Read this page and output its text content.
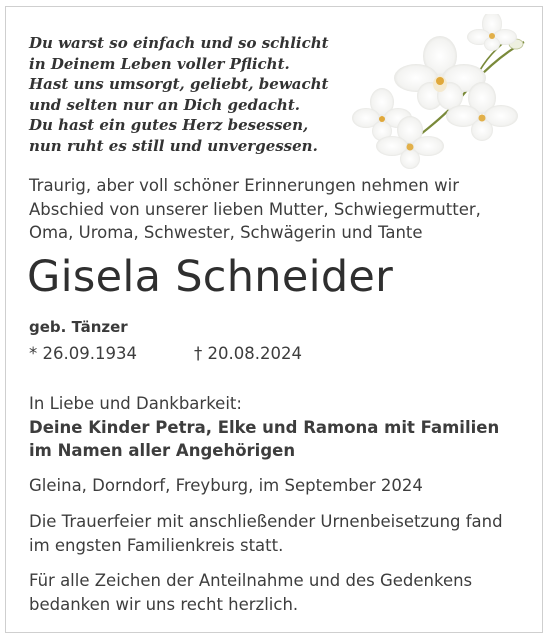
Du warst so einfach und so schlicht
in Deinem Leben voller Pflicht.
Hast uns umsorgt, geliebt, bewacht
und selten nur an Dich gedacht.
Du hast ein gutes Herz besessen,
nun ruht es still und unvergessen.
Traurig, aber voll schöner Erinnerungen nehmen wir
Abschied von unserer lieben Mutter, Schwiegermutter,
Oma, Uroma, Schwester, Schwägerin und Tante
Gisela Schneider
geb. Tänzer
* 26.09.1934	† 20.08.2024
In Liebe und Dankbarkeit:
Deine Kinder Petra, Elke und Ramona mit Familien
im Namen aller Angehörigen
Gleina, Dorndorf, Freyburg, im September 2024
Die Trauerfeier mit anschließender Urnenbeisetzung fand
im engsten Familienkreis statt.
Für alle Zeichen der Anteilnahme und des Gedenkens
bedanken wir uns recht herzlich.
